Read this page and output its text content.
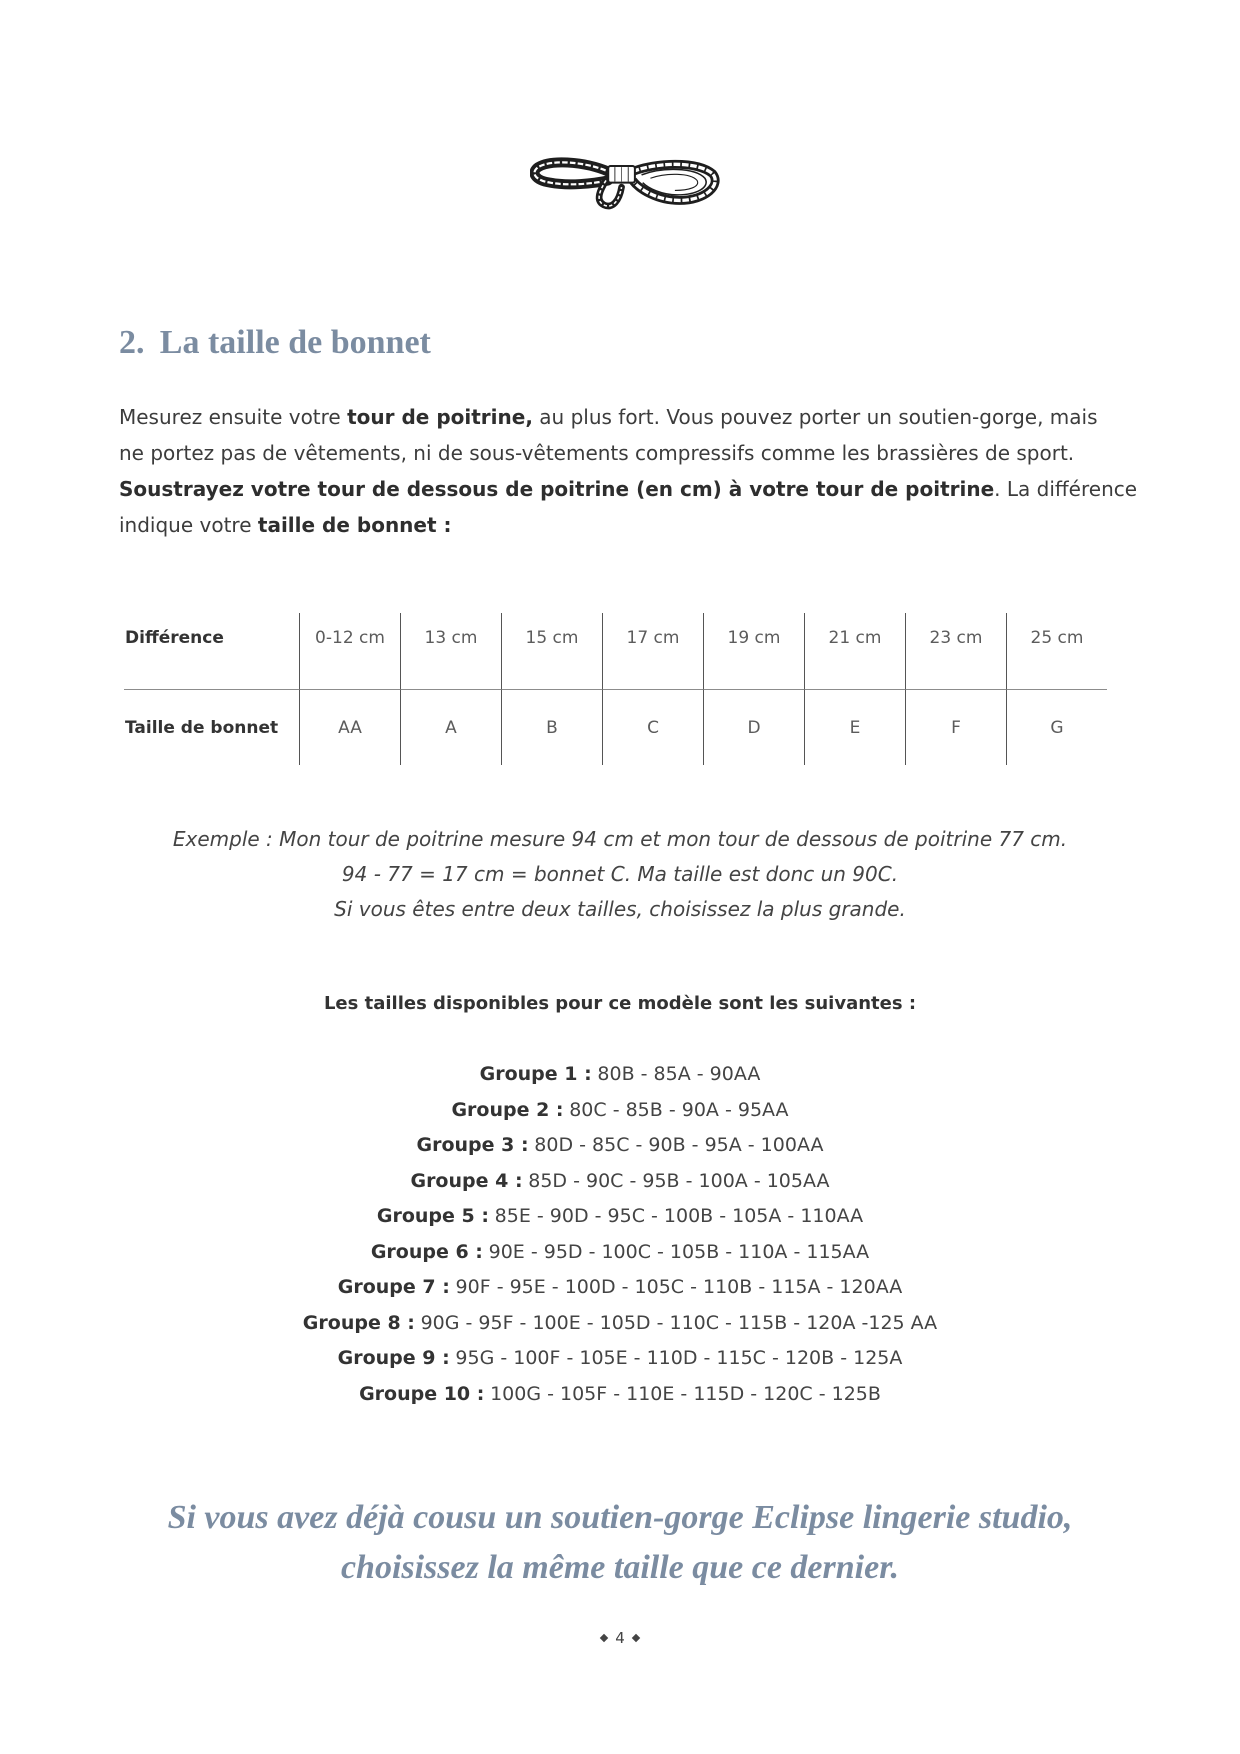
2. La taille de bonnet
Mesurez ensuite votre tour de poitrine, au plus fort. Vous pouvez porter un soutien-gorge, mais
ne portez pas de vêtements, ni de sous-vêtements compressifs comme les brassières de sport.
Soustrayez votre tour de dessous de poitrine (en cm) à votre tour de poitrine. La différence
indique votre taille de bonnet :
Différence	0-12 cm	13 cm	15 cm	17 cm	19 cm	21 cm	23 cm	25 cm
Taille de bonnet	AA	A	B	C	D	E	F	G
Exemple : Mon tour de poitrine mesure 94 cm et mon tour de dessous de poitrine 77 cm.
94 - 77 = 17 cm = bonnet C. Ma taille est donc un 90C.
Si vous êtes entre deux tailles, choisissez la plus grande.
Les tailles disponibles pour ce modèle sont les suivantes :
Groupe 1 : 80B - 85A - 90AA
Groupe 2 : 80C - 85B - 90A - 95AA
Groupe 3 : 80D - 85C - 90B - 95A - 100AA
Groupe 4 : 85D - 90C - 95B - 100A - 105AA
Groupe 5 : 85E - 90D - 95C - 100B - 105A - 110AA
Groupe 6 : 90E - 95D - 100C - 105B - 110A - 115AA
Groupe 7 : 90F - 95E - 100D - 105C - 110B - 115A - 120AA
Groupe 8 : 90G - 95F - 100E - 105D - 110C - 115B - 120A -125 AA
Groupe 9 : 95G - 100F - 105E - 110D - 115C - 120B - 125A
Groupe 10 : 100G - 105F - 110E - 115D - 120C - 125B
Si vous avez déjà cousu un soutien-gorge Eclipse lingerie studio,
choisissez la même taille que ce dernier.
4
